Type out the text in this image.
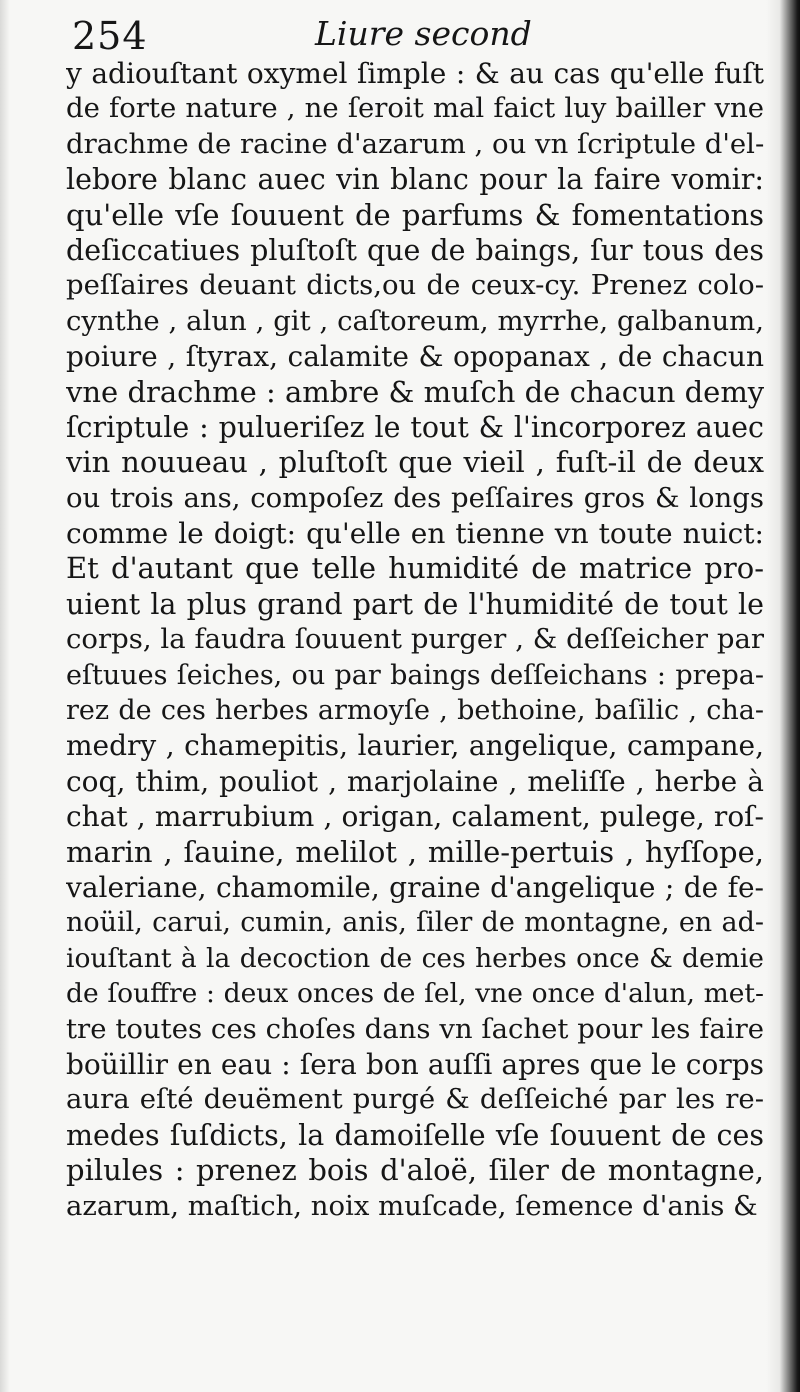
254	Liure second
y adiouſtant oxymel ſimple : & au cas qu'elle fuſt
de forte nature , ne ſeroit mal faict luy bailler vne
drachme de racine d'azarum , ou vn ſcriptule d'el-
lebore blanc auec vin blanc pour la faire vomir:
qu'elle vſe ſouuent de parfums & fomentations
deſiccatiues pluſtoſt que de baings, ſur tous des
peſſaires deuant dicts,ou de ceux-cy. Prenez colo-
cynthe , alun , git , caſtoreum, myrrhe, galbanum,
poiure , ſtyrax, calamite & opopanax , de chacun
vne drachme : ambre & muſch de chacun demy
ſcriptule : pulueriſez le tout & l'incorporez auec
vin nouueau , pluſtoſt que vieil , fuſt-il de deux
ou trois ans, compoſez des peſſaires gros & longs
comme le doigt: qu'elle en tienne vn toute nuict:
Et d'autant que telle humidité de matrice pro-
uient la plus grand part de l'humidité de tout le
corps, la faudra ſouuent purger , & deſſeicher par
eſtuues ſeiches, ou par baings deſſeichans : prepa-
rez de ces herbes armoyſe , bethoine, baſilic , cha-
medry , chamepitis, laurier, angelique, campane,
coq, thim, pouliot , marjolaine , meliſſe , herbe à
chat , marrubium , origan, calament, pulege, roſ-
marin , ſauine, melilot , mille-pertuis , hyſſope,
valeriane, chamomile, graine d'angelique ; de fe-
noüil, carui, cumin, anis, ſiler de montagne, en ad-
iouſtant à la decoction de ces herbes once & demie
de ſouffre : deux onces de ſel, vne once d'alun, met-
tre toutes ces choſes dans vn ſachet pour les faire
boüillir en eau : ſera bon auſſi apres que le corps
aura eſté deuëment purgé & deſſeiché par les re-
medes ſuſdicts, la damoiſelle vſe ſouuent de ces
pilules : prenez bois d'aloë, ſiler de montagne,
azarum, maſtich, noix muſcade, ſemence d'anis &
